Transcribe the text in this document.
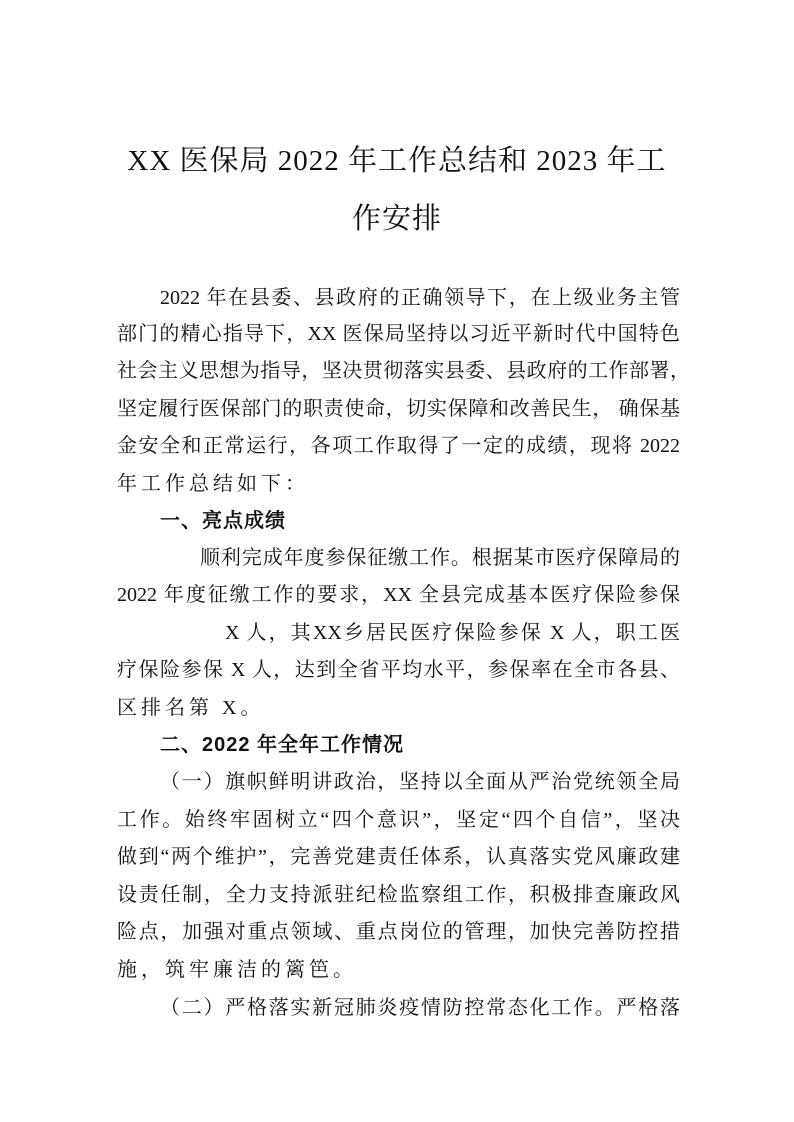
XX 医保局 2022 年工作总结和 2023 年工
作安排
2022 年在县委、县政府的正确领导下，在上级业务主管
部门的精心指导下，XX 医保局坚持以习近平新时代中国特色
社会主义思想为指导，坚决贯彻落实县委、县政府的工作部署，
坚定履行医保部门的职责使命，切实保障和改善民生， 确保基
金安全和正常运行，各项工作取得了一定的成绩，现将 2022
年工作总结如下：
一、亮点成绩
顺利完成年度参保征缴工作。根据某市医疗保障局的
2022 年度征缴工作的要求，XX 全县完成基本医疗保险参保
X 人，其XX乡居民医疗保险参保 X 人，职工医
疗保险参保 X 人，达到全省平均水平，参保率在全市各县、
区排名第 X。
二、2022 年全年工作情况
（一）旗帜鲜明讲政治，坚持以全面从严治党统领全局
工作。始终牢固树立“四个意识”，坚定“四个自信”，坚决
做到“两个维护”，完善党建责任体系，认真落实党风廉政建
设责任制，全力支持派驻纪检监察组工作，积极排查廉政风
险点，加强对重点领域、重点岗位的管理，加快完善防控措
施，筑牢廉洁的篱笆。
（二）严格落实新冠肺炎疫情防控常态化工作。严格落
